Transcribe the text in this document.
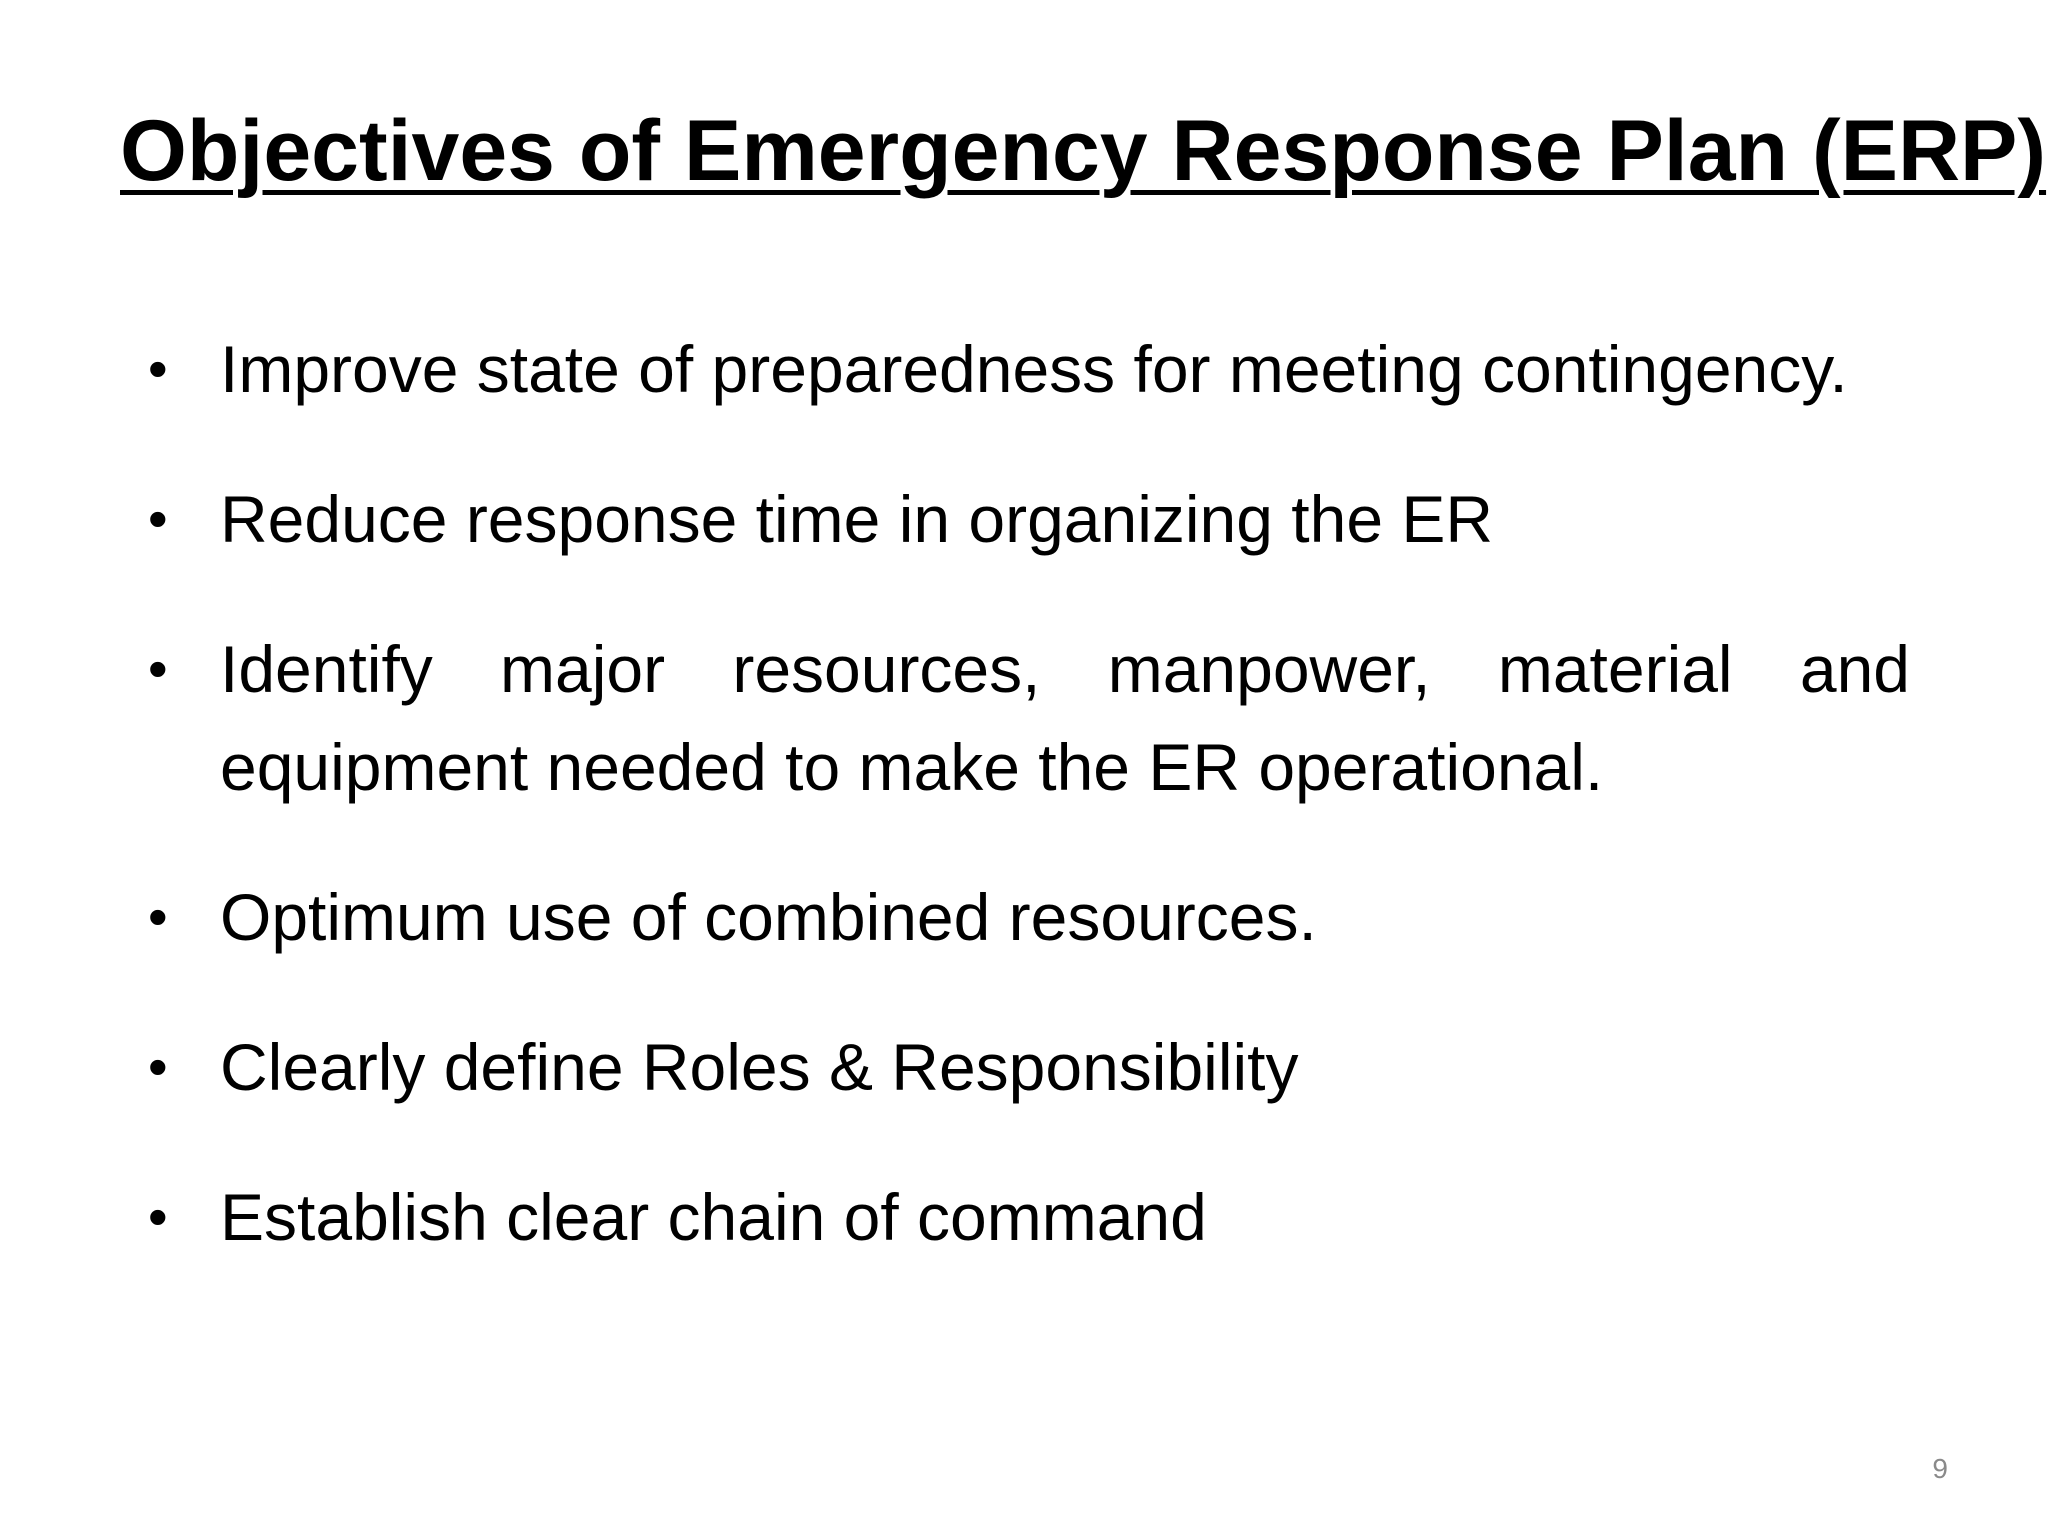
Objectives of Emergency Response Plan (ERP)
• Improve state of preparedness for meeting contingency.
• Reduce response time in organizing the ER
• Identify major resources, manpower, material and equipment needed to make the ER operational.
• Optimum use of combined resources.
• Clearly define Roles & Responsibility
• Establish clear chain of command
9
